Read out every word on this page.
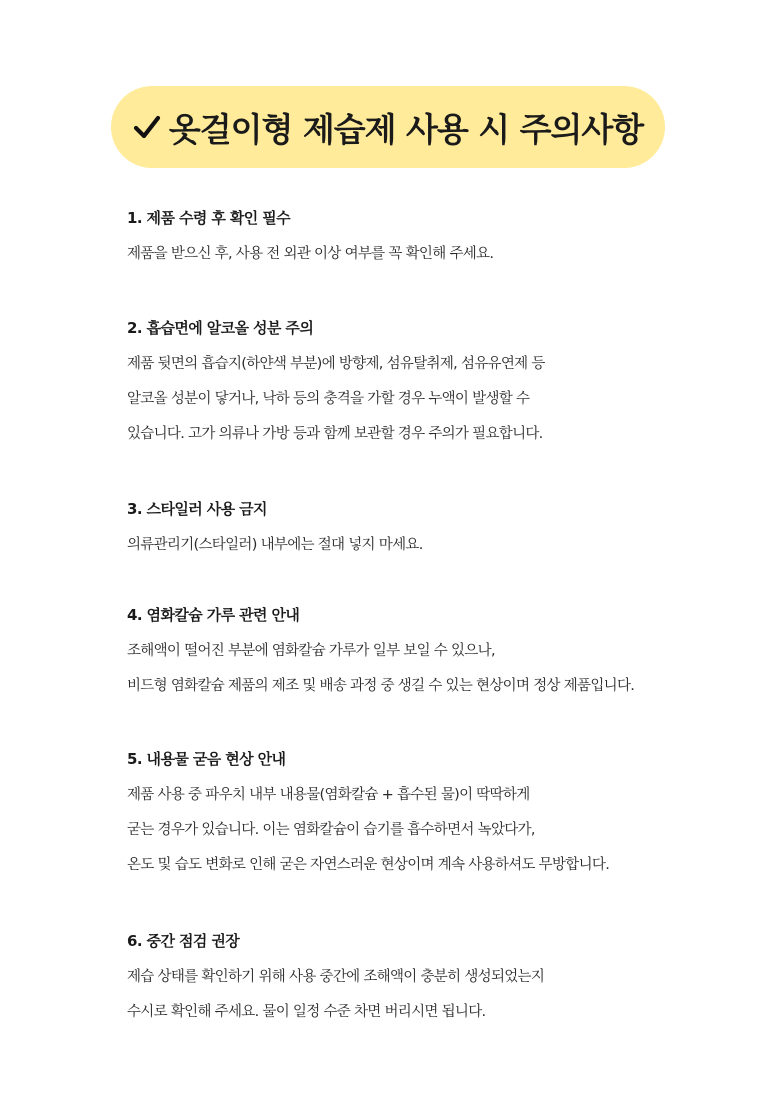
옷걸이형 제습제 사용 시 주의사항
1. 제품 수령 후 확인 필수
제품을 받으신 후, 사용 전 외관 이상 여부를 꼭 확인해 주세요.
2. 흡습면에 알코올 성분 주의
제품 뒷면의 흡습지(하얀색 부분)에 방향제, 섬유탈취제, 섬유유연제 등
알코올 성분이 닿거나, 낙하 등의 충격을 가할 경우 누액이 발생할 수
있습니다. 고가 의류나 가방 등과 함께 보관할 경우 주의가 필요합니다.
3. 스타일러 사용 금지
의류관리기(스타일러) 내부에는 절대 넣지 마세요.
4. 염화칼슘 가루 관련 안내
조해액이 떨어진 부분에 염화칼슘 가루가 일부 보일 수 있으나,
비드형 염화칼슘 제품의 제조 및 배송 과정 중 생길 수 있는 현상이며 정상 제품입니다.
5. 내용물 굳음 현상 안내
제품 사용 중 파우치 내부 내용물(염화칼슘 + 흡수된 물)이 딱딱하게
굳는 경우가 있습니다. 이는 염화칼슘이 습기를 흡수하면서 녹았다가,
온도 및 습도 변화로 인해 굳은 자연스러운 현상이며 계속 사용하셔도 무방합니다.
6. 중간 점검 권장
제습 상태를 확인하기 위해 사용 중간에 조해액이 충분히 생성되었는지
수시로 확인해 주세요. 물이 일정 수준 차면 버리시면 됩니다.
